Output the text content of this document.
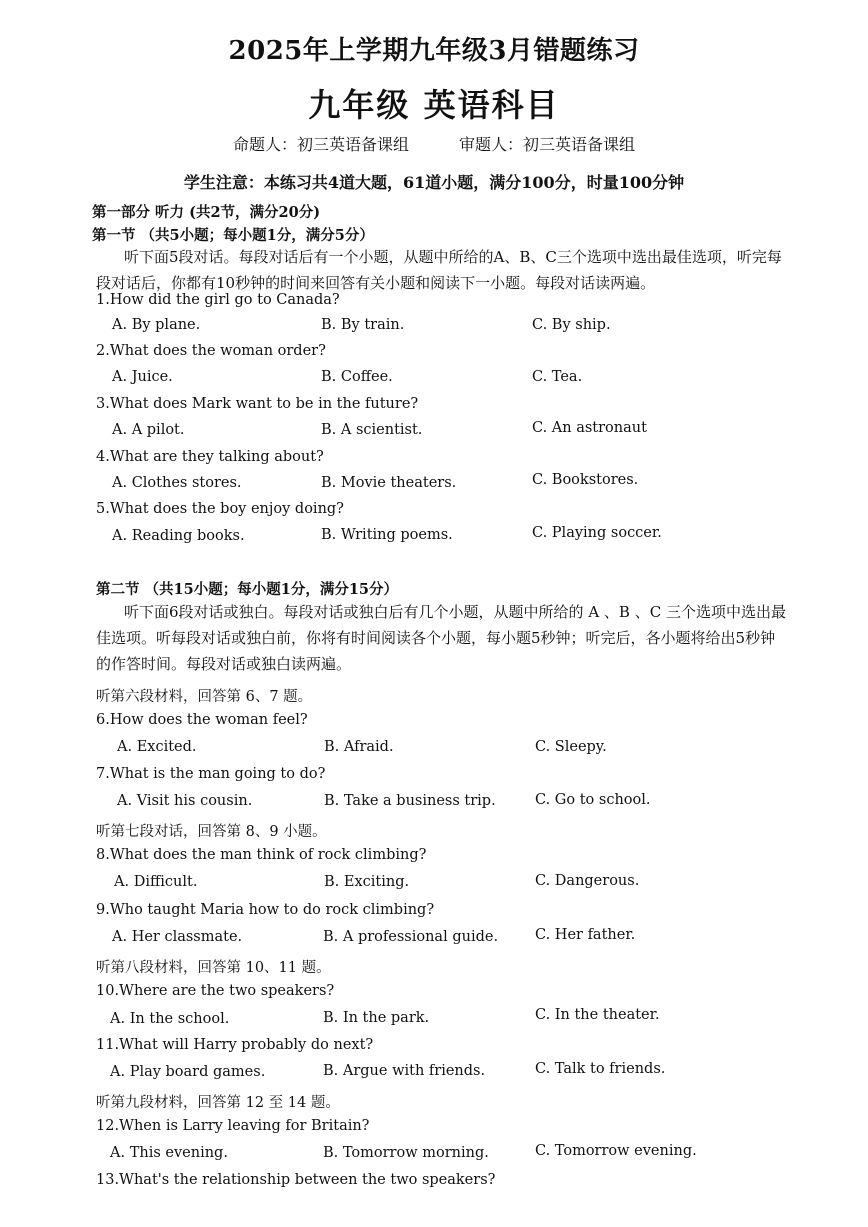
2025年上学期九年级3月错题练习
九年级 英语科目
命题人：初三英语备课组	审题人：初三英语备课组
学生注意：本练习共4道大题，61道小题，满分100分，时量100分钟
第一部分 听力 (共2节，满分20分)
第一节 （共5小题；每小题1分，满分5分）
听下面5段对话。每段对话后有一个小题，从题中所给的A、B、C三个选项中选出最佳选项，听完每段对话后，你都有10秒钟的时间来回答有关小题和阅读下一小题。每段对话读两遍。
1.How did the girl go to Canada?
A. By plane.	B. By train.	C. By ship.
2.What does the woman order?
A. Juice.	B. Coffee.	C. Tea.
3.What does Mark want to be in the future?
A. A pilot.	B. A scientist.	C. An astronaut
4.What are they talking about?
A. Clothes stores.	B. Movie theaters.	C. Bookstores.
5.What does the boy enjoy doing?
A. Reading books.	B. Writing poems.	C. Playing soccer.
第二节 （共15小题；每小题1分，满分15分）
听下面6段对话或独白。每段对话或独白后有几个小题，从题中所给的 A 、B 、C 三个选项中选出最佳选项。听每段对话或独白前，你将有时间阅读各个小题，每小题5秒钟；听完后，各小题将给出5秒钟的作答时间。每段对话或独白读两遍。
听第六段材料，回答第 6、7 题。
6.How does the woman feel?
A. Excited.	B. Afraid.	C. Sleepy.
7.What is the man going to do?
A. Visit his cousin.	B. Take a business trip.	C. Go to school.
听第七段对话，回答第 8、9 小题。
8.What does the man think of rock climbing?
A. Difficult.	B. Exciting.	C. Dangerous.
9.Who taught Maria how to do rock climbing?
A. Her classmate.	B. A professional guide.	C. Her father.
听第八段材料，回答第 10、11 题。
10.Where are the two speakers?
A. In the school.	B. In the park.	C. In the theater.
11.What will Harry probably do next?
A. Play board games.	B. Argue with friends.	C. Talk to friends.
听第九段材料，回答第 12 至 14 题。
12.When is Larry leaving for Britain?
A. This evening.	B. Tomorrow morning.	C. Tomorrow evening.
13.What's the relationship between the two speakers?
